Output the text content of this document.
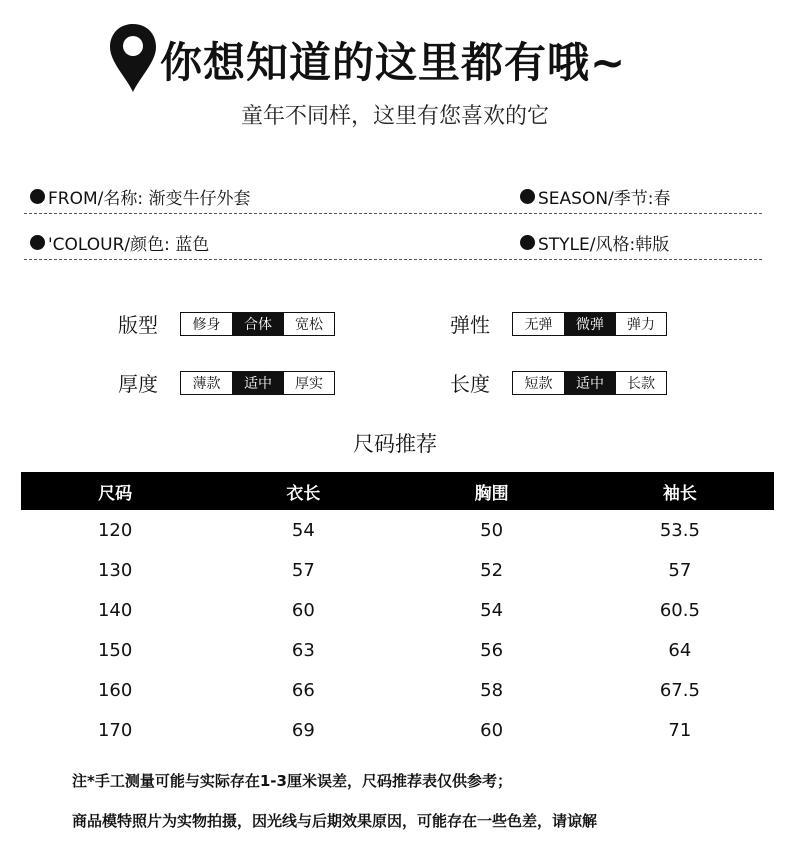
你想知道的这里都有哦~
童年不同样，这里有您喜欢的它
FROM/名称: 渐变牛仔外套	SEASON/季节:春
'COLOUR/颜色: 蓝色	STYLE/风格:韩版
版型	修身	合体	宽松	弹性	无弹	微弹	弹力
厚度	薄款	适中	厚实	长度	短款	适中	长款
尺码推荐
尺码	衣长	胸围	袖长
120	54	50	53.5
130	57	52	57
140	60	54	60.5
150	63	56	64
160	66	58	67.5
170	69	60	71
注*手工测量可能与实际存在1-3厘米误差，尺码推荐表仅供参考；
商品模特照片为实物拍摄，因光线与后期效果原因，可能存在一些色差，请谅解
